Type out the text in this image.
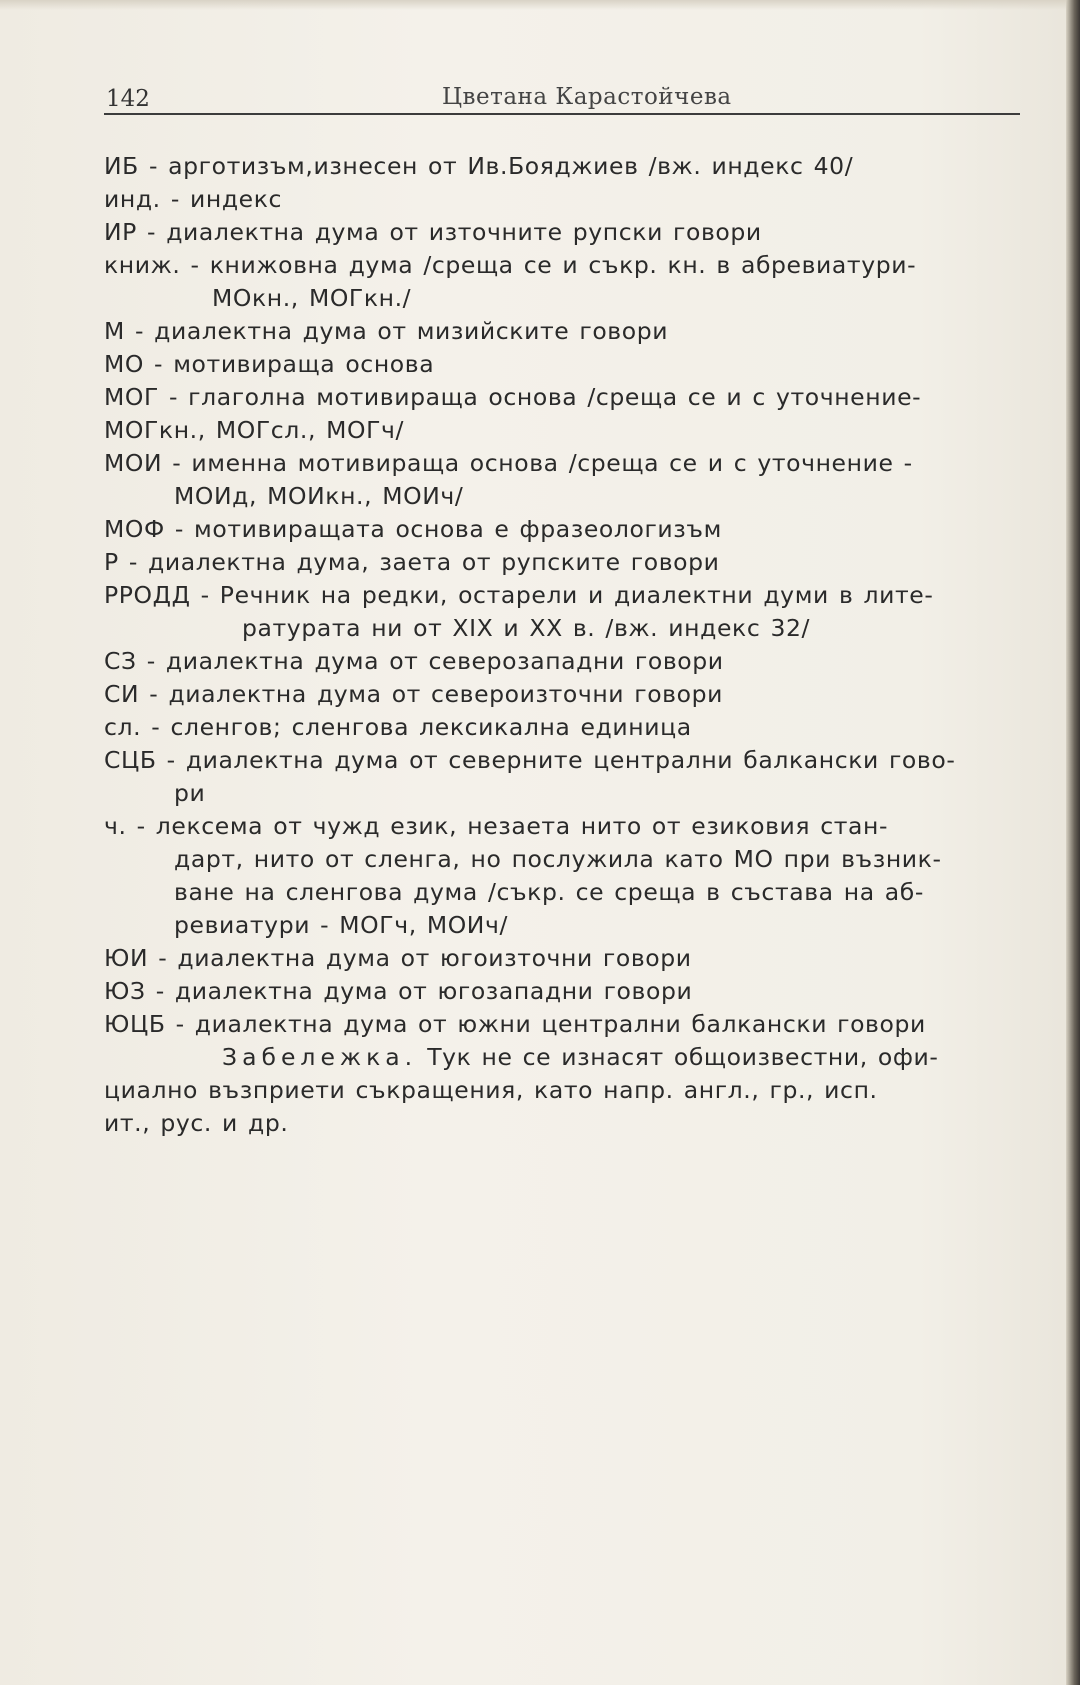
142	Цветана Карастойчева
ИБ - арготизъм,изнесен от Ив.Бояджиев /вж. индекс 40/
инд. - индекс
ИР - диалектна дума от източните рупски говори
книж. - книжовна дума /среща се и съкр. кн. в абревиатури-
МОкн., МОГкн./
М - диалектна дума от мизийските говори
МО - мотивираща основа
МОГ - глаголна мотивираща основа /среща се и с уточнение-
МОГкн., МОГсл., МОГч/
МОИ - именна мотивираща основа /среща се и с уточнение -
МОИд, МОИкн., МОИч/
МОФ - мотивиращата основа е фразеологизъм
Р - диалектна дума, заета от рупските говори
РРОДД - Речник на редки, остарели и диалектни думи в лите-
ратурата ни от XIX и XX в. /вж. индекс 32/
СЗ - диалектна дума от северозападни говори
СИ - диалектна дума от североизточни говори
сл. - сленгов; сленгова лексикална единица
СЦБ - диалектна дума от северните централни балкански гово-
ри
ч. - лексема от чужд език, незаета нито от езиковия стан-
дарт, нито от сленга, но послужила като МО при възник-
ване на сленгова дума /съкр. се среща в състава на аб-
ревиатури - МОГч, МОИч/
ЮИ - диалектна дума от югоизточни говори
ЮЗ - диалектна дума от югозападни говори
ЮЦБ - диалектна дума от южни централни балкански говори
Забележка. Тук не се изнасят общоизвестни, офи-
циално възприети съкращения, като напр. англ., гр., исп.
ит., рус. и др.
